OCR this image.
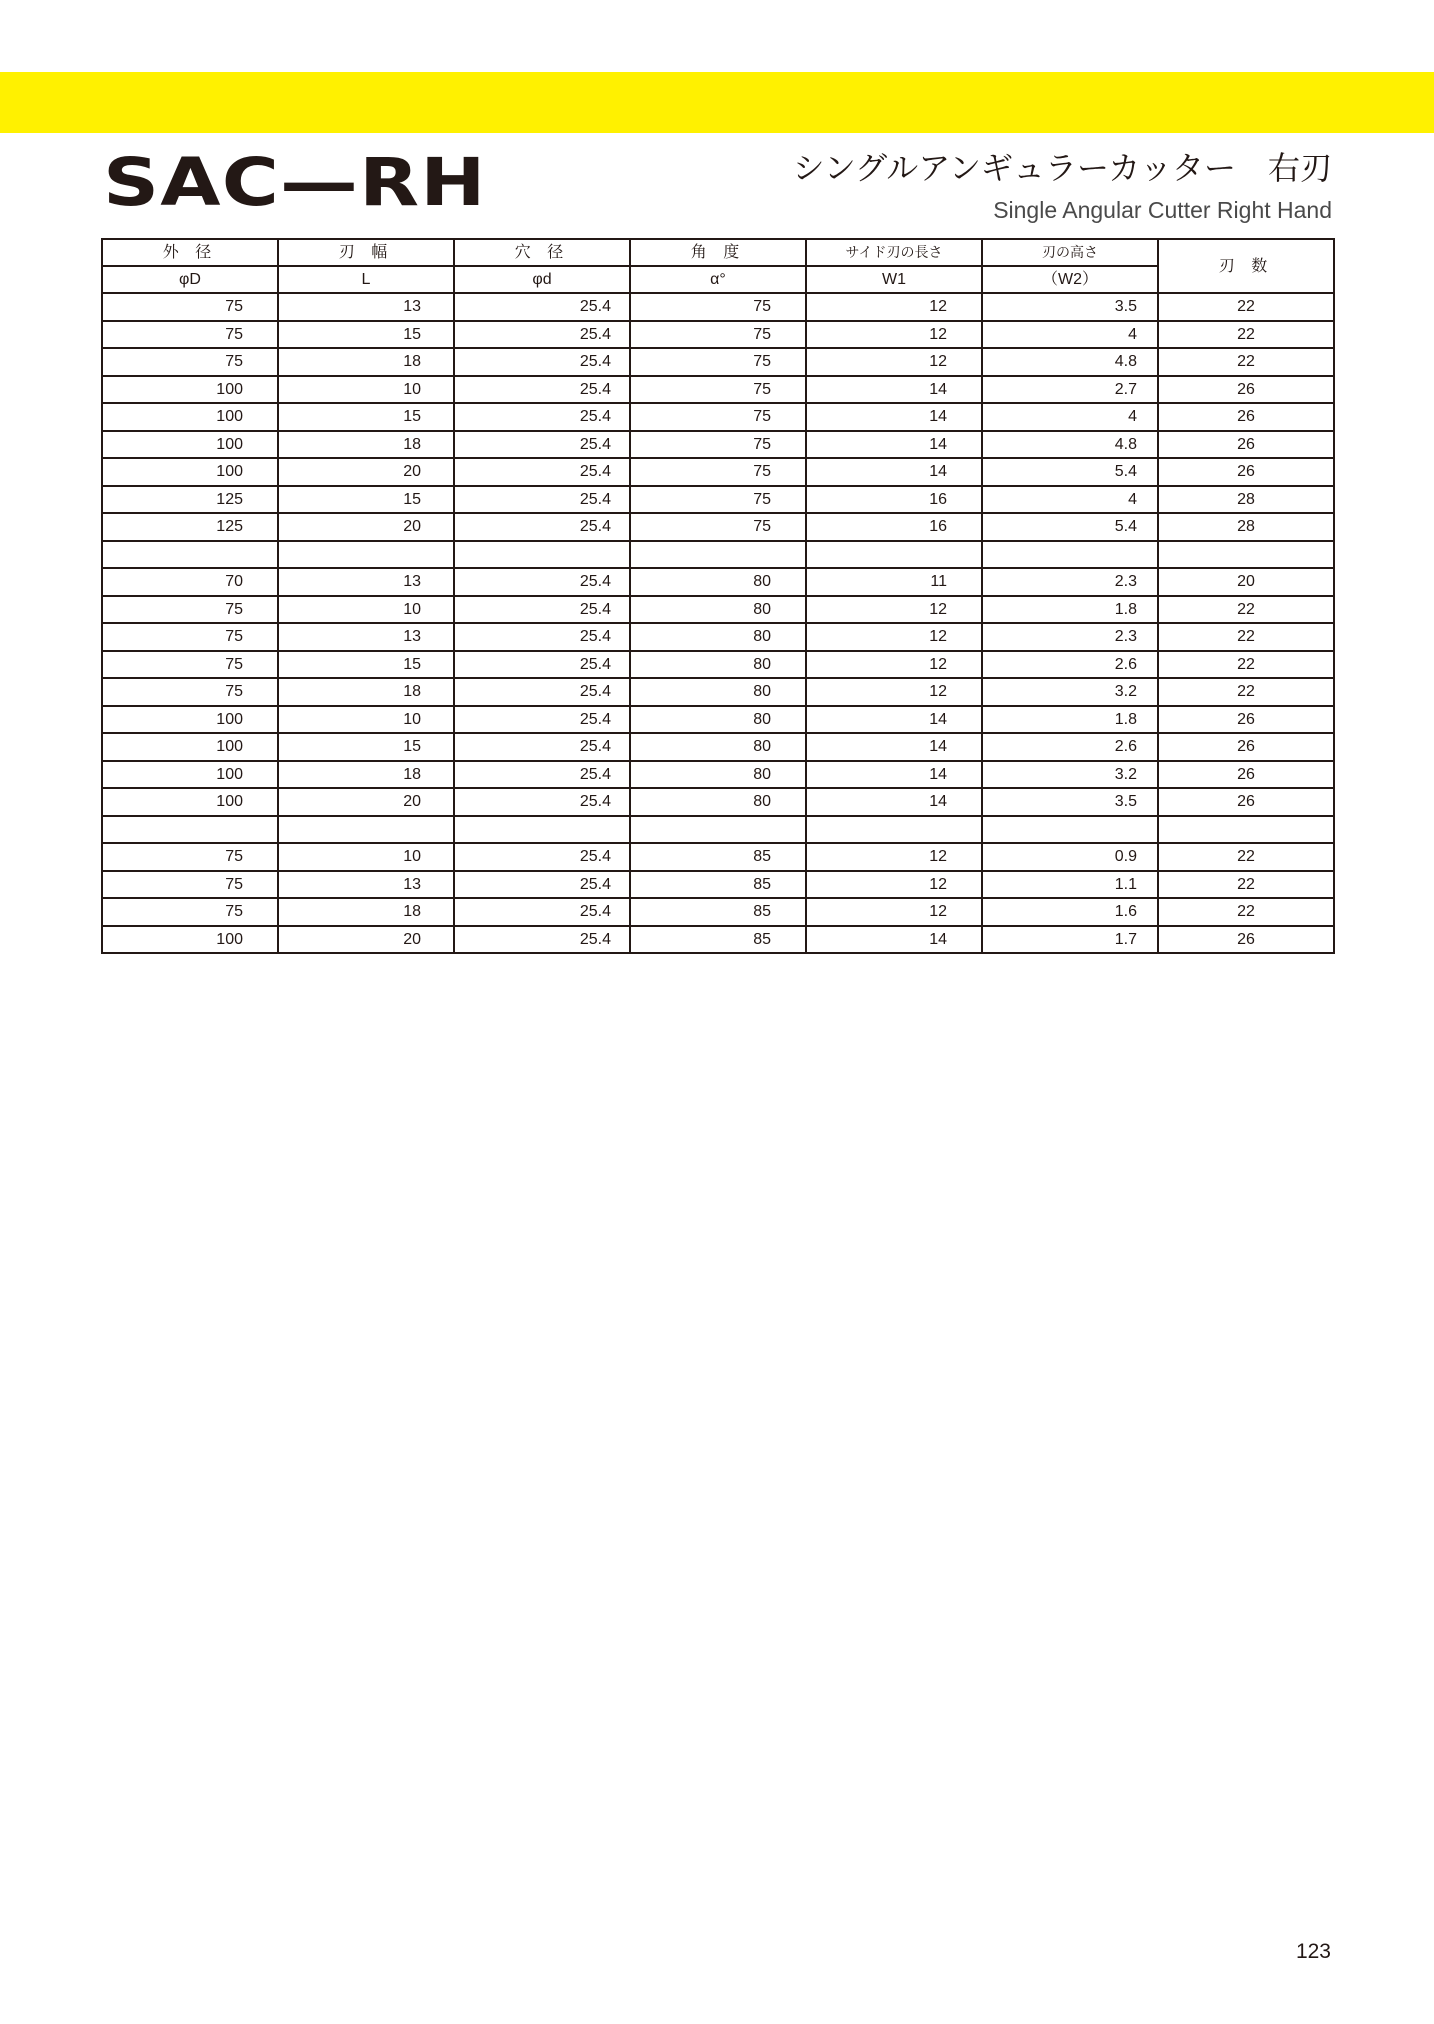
SAC—RH	シングルアンギュラーカッター　右刃
Single Angular Cutter Right Hand
外 径	刃 幅	穴 径	角 度	サイド刃の長さ	刃の高さ	刃 数
φD	L	φd	α°	W1	（W2）	
75	13	25.4	75	12	3.5	22
75	15	25.4	75	12	4	22
75	18	25.4	75	12	4.8	22
100	10	25.4	75	14	2.7	26
100	15	25.4	75	14	4	26
100	18	25.4	75	14	4.8	26
100	20	25.4	75	14	5.4	26
125	15	25.4	75	16	4	28
125	20	25.4	75	16	5.4	28

70	13	25.4	80	11	2.3	20
75	10	25.4	80	12	1.8	22
75	13	25.4	80	12	2.3	22
75	15	25.4	80	12	2.6	22
75	18	25.4	80	12	3.2	22
100	10	25.4	80	14	1.8	26
100	15	25.4	80	14	2.6	26
100	18	25.4	80	14	3.2	26
100	20	25.4	80	14	3.5	26

75	10	25.4	85	12	0.9	22
75	13	25.4	85	12	1.1	22
75	18	25.4	85	12	1.6	22
100	20	25.4	85	14	1.7	26
123
